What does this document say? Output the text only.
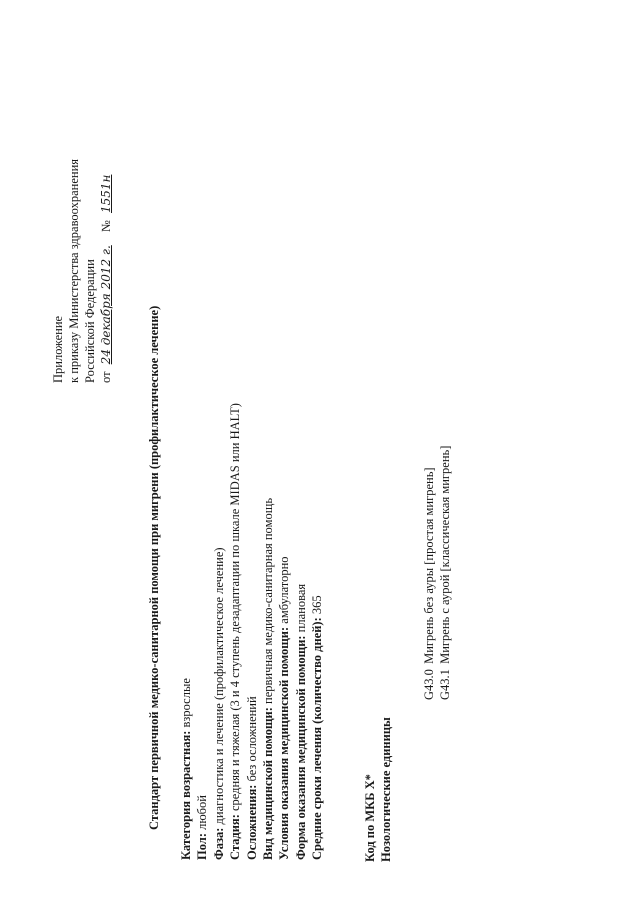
Приложение к приказу Министерства здравоохранения Российской Федерации от 24 декабря 2012 г. № 1551н
Стандарт первичной медико-санитарной помощи при мигрени (профилактическое лечение) Категория возрастная: взрослые
Пол: любой
Фаза: диагностика и лечение (профилактическое лечение)
Стадия: средняя и тяжелая (3 и 4 ступень дезадаптации по шкале MIDAS или HALT)
Осложнения: без осложнений Вид медицинской помощи: первичная медико-санитарная помощь
Условия оказания медицинской помощи: амбулаторно
Форма оказания медицинской помощи: плановая
Средние сроки лечения (количество дней): 365
Код по МКБ X* Нозологические единицы
G43.0 Мигрень без ауры [простая мигрень]
G43.1 Мигрень с аурой [классическая мигрень]
